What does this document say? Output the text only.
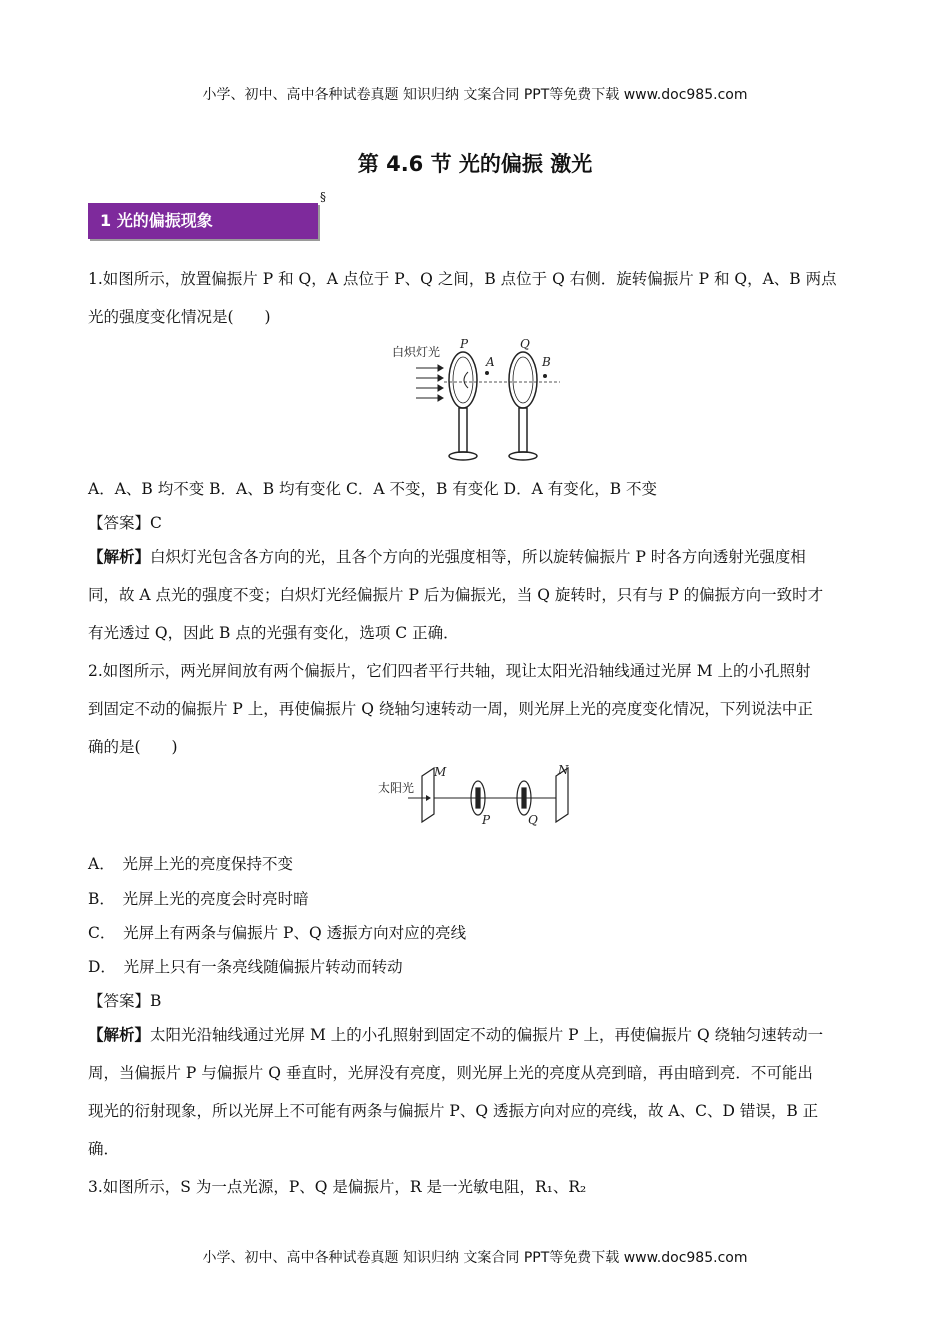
小学、初中、高中各种试卷真题 知识归纳 文案合同 PPT等免费下载 www.doc985.com
第 4.6 节 光的偏振 激光
§
1 光的偏振现象

1.如图所示，放置偏振片 P 和 Q，A 点位于 P、Q 之间，B 点位于 Q 右侧．旋转偏振片 P 和 Q，A、B 两点

光的强度变化情况是(　　)

白炽灯光
P	Q
A	B

A．A、B 均不变 B．A、B 均有变化 C．A 不变，B 有变化 D．A 有变化，B 不变

【答案】C

【解析】白炽灯光包含各方向的光，且各个方向的光强度相等，所以旋转偏振片 P 时各方向透射光强度相

同，故 A 点光的强度不变；白炽灯光经偏振片 P 后为偏振光，当 Q 旋转时，只有与 P 的偏振方向一致时才

有光透过 Q，因此 B 点的光强有变化，选项 C 正确．

2.如图所示，两光屏间放有两个偏振片，它们四者平行共轴，现让太阳光沿轴线通过光屏 M 上的小孔照射

到固定不动的偏振片 P 上，再使偏振片 Q 绕轴匀速转动一周，则光屏上光的亮度变化情况，下列说法中正

确的是(　　)

太阳光
M	N
P	Q

A．　光屏上光的亮度保持不变

B．　光屏上光的亮度会时亮时暗

C．　光屏上有两条与偏振片 P、Q 透振方向对应的亮线

D．　光屏上只有一条亮线随偏振片转动而转动

【答案】B

【解析】太阳光沿轴线通过光屏 M 上的小孔照射到固定不动的偏振片 P 上，再使偏振片 Q 绕轴匀速转动一

周，当偏振片 P 与偏振片 Q 垂直时，光屏没有亮度，则光屏上光的亮度从亮到暗，再由暗到亮．不可能出

现光的衍射现象，所以光屏上不可能有两条与偏振片 P、Q 透振方向对应的亮线，故 A、C、D 错误，B 正

确．

3.如图所示，S 为一点光源，P、Q 是偏振片，R 是一光敏电阻，R₁、R₂

小学、初中、高中各种试卷真题 知识归纳 文案合同 PPT等免费下载 www.doc985.com
